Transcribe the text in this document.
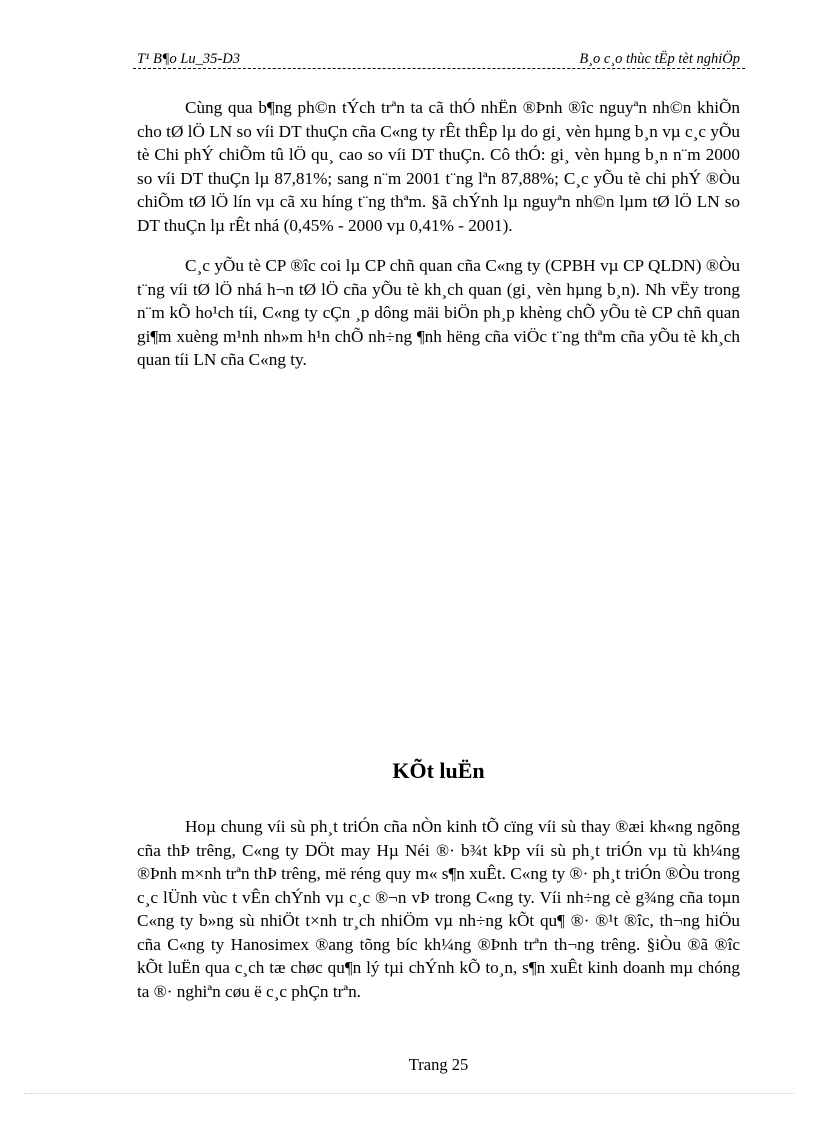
T¹ B¶o Lu_35-D3	B¸o c¸o thùc tËp tèt nghiÖp

Cùng qua b¶ng ph©n tÝch trªn ta cã thÓ nhËn ®Þnh ®îc nguyªn nh©n khiÕn cho tØ lÖ LN so víi DT thuÇn cña C«ng ty rÊt thÊp lµ do gi¸ vèn hµng b¸n vµ c¸c yÕu tè Chi phÝ chiÕm tû lÖ qu¸ cao so víi DT thuÇn. Cô thÓ: gi¸ vèn hµng b¸n n¨m 2000 so víi DT thuÇn lµ 87,81%; sang n¨m 2001 t¨ng lªn 87,88%; C¸c yÕu tè chi phÝ ®Òu chiÕm tØ lÖ lín vµ cã xu híng t¨ng thªm. §ã chÝnh lµ nguyªn nh©n lµm tØ lÖ LN so DT thuÇn lµ rÊt nhá (0,45% - 2000 vµ 0,41% - 2001).

C¸c yÕu tè CP ®îc coi lµ CP chñ quan cña C«ng ty (CPBH vµ CP QLDN) ®Òu t¨ng víi tØ lÖ nhá h¬n tØ lÖ cña yÕu tè kh¸ch quan (gi¸ vèn hµng b¸n). Nh vËy trong n¨m kÕ ho¹ch tíi, C«ng ty cÇn ¸p dông mäi biÖn ph¸p khèng chÕ yÕu tè CP chñ quan gi¶m xuèng m¹nh nh»m h¹n chÕ nh÷ng ¶nh hëng cña viÖc t¨ng thªm cña yÕu tè kh¸ch quan tíi LN cña C«ng ty.

KÕt luËn

Hoµ chung víi sù ph¸t triÓn cña nÒn kinh tÕ cïng víi sù thay ®æi kh«ng ngõng cña thÞ trêng, C«ng ty DÖt may Hµ Néi ®· b¾t kÞp víi sù ph¸t triÓn vµ tù kh¼ng ®Þnh m×nh trªn thÞ trêng, më réng quy m« s¶n xuÊt. C«ng ty ®· ph¸t triÓn ®Òu trong c¸c lÜnh vùc t vÊn chÝnh vµ c¸c ®¬n vÞ trong C«ng ty. Víi nh÷ng cè g¾ng cña toµn C«ng ty b»ng sù nhiÖt t×nh tr¸ch nhiÖm vµ nh÷ng kÕt qu¶ ®· ®¹t ®îc, th¬ng hiÖu cña C«ng ty Hanosimex ®ang tõng bíc kh¼ng ®Þnh trªn th¬ng trêng. §iÒu ®ã ®îc kÕt luËn qua c¸ch tæ chøc qu¶n lý tµi chÝnh kÕ to¸n, s¶n xuÊt kinh doanh mµ chóng ta ®· nghiªn cøu ë c¸c phÇn trªn.

Trang 25
